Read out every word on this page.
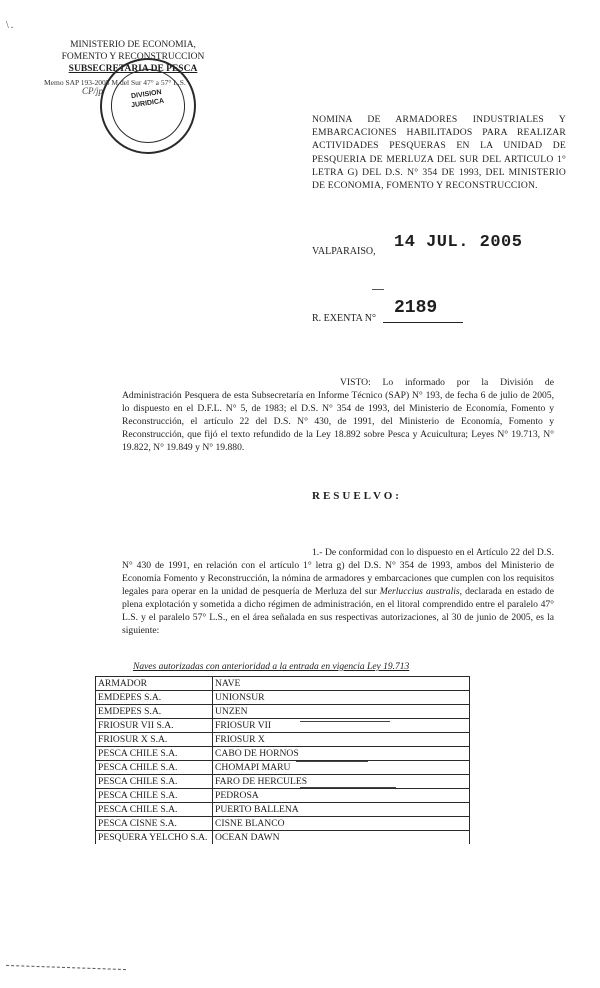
\.
MINISTERIO DE ECONOMIA,
FOMENTO Y RECONSTRUCCION
SUBSECRETARIA DE PESCA
Memo SAP 193-2005 M del Sur 47° a 57° L.S.
CP/jp	DIVISION
JURIDICA
NOMINA DE ARMADORES INDUSTRIALES Y EMBARCACIONES HABILITADOS PARA REALIZAR ACTIVIDADES PESQUERAS EN LA UNIDAD DE PESQUERIA DE MERLUZA DEL SUR DEL ARTICULO 1° LETRA G) DEL D.S. N° 354 DE 1993, DEL MINISTERIO DE ECONOMIA, FOMENTO Y RECONSTRUCCION.
VALPARAISO, 14 JUL. 2005
R. EXENTA N°
2189
VISTO: Lo informado por la División de Administración Pesquera de esta Subsecretaría en Informe Técnico (SAP) N° 193, de fecha 6 de julio de 2005, lo dispuesto en el D.F.L. N° 5, de 1983; el D.S. N° 354 de 1993, del Ministerio de Economía, Fomento y Reconstrucción, el artículo 22 del D.S. N° 430, de 1991, del Ministerio de Economía, Fomento y Reconstrucción, que fijó el texto refundido de la Ley 18.892 sobre Pesca y Acuicultura; Leyes N° 19.713, N° 19.822, N° 19.849 y N° 19.880.
RESUELVO:
1.- De conformidad con lo dispuesto en el Artículo 22 del D.S. N° 430 de 1991, en relación con el artículo 1° letra g) del D.S. N° 354 de 1993, ambos del Ministerio de Economía Fomento y Reconstrucción, la nómina de armadores y embarcaciones que cumplen con los requisitos legales para operar en la unidad de pesquería de Merluza del sur Merluccius australis, declarada en estado de plena explotación y sometida a dicho régimen de administración, en el litoral comprendido entre el paralelo 47° L.S. y el paralelo 57° L.S., en el área señalada en sus respectivas autorizaciones, al 30 de junio de 2005, es la siguiente:
Naves autorizadas con anterioridad a la entrada en vigencia Ley 19.713
ARMADOR	NAVE
EMDEPES S.A.	UNIONSUR
EMDEPES S.A.	UNZEN
FRIOSUR VII S.A.	FRIOSUR VII
FRIOSUR X S.A.	FRIOSUR X
PESCA CHILE S.A.	CABO DE HORNOS
PESCA CHILE S.A.	CHOMAPI MARU
PESCA CHILE S.A.	FARO DE HERCULES
PESCA CHILE S.A.	PEDROSA
PESCA CHILE S.A.	PUERTO BALLENA
PESCA CISNE S.A.	CISNE BLANCO
PESQUERA YELCHO S.A.	OCEAN DAWN
